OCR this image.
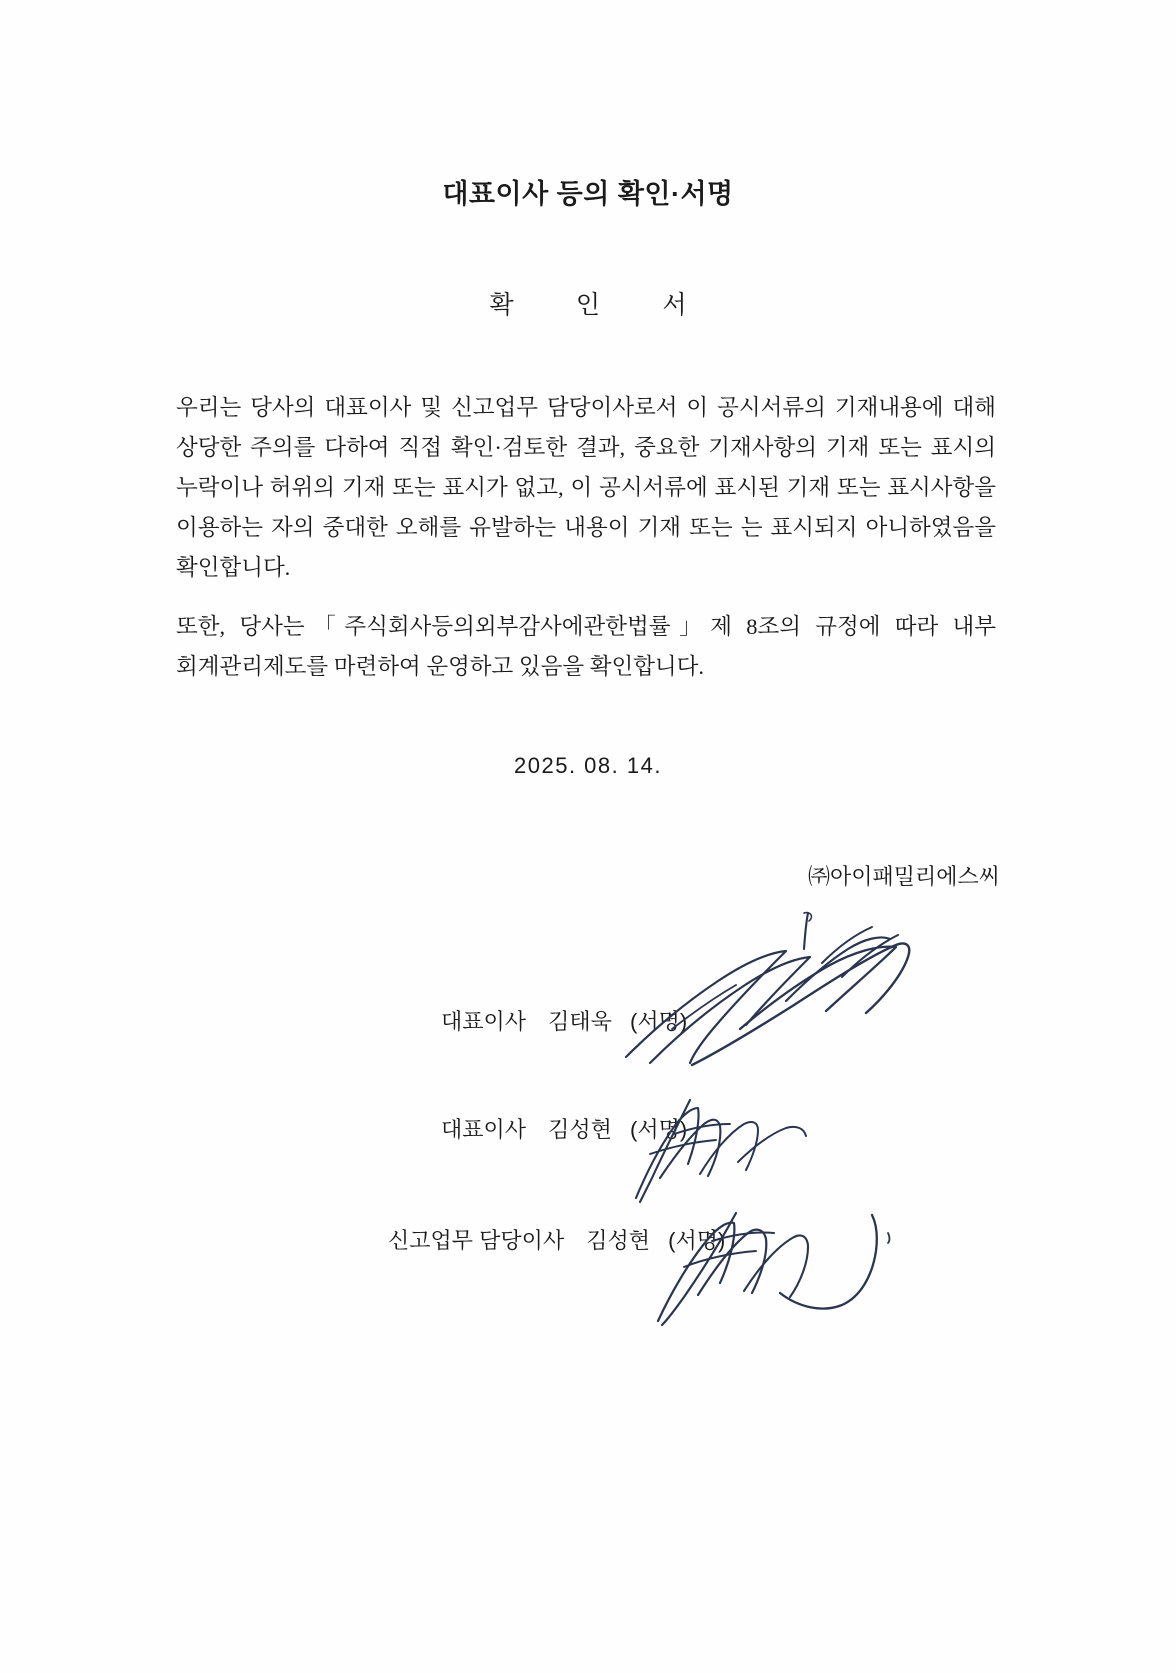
대표이사 등의 확인·서명
확 인 서
우리는 당사의 대표이사 및 신고업무 담당이사로서 이 공시서류의 기재내용에 대해 상당한 주의를 다하여 직접 확인·검토한 결과, 중요한 기재사항의 기재 또는 표시의 누락이나 허위의 기재 또는 표시가 없고, 이 공시서류에 표시된 기재 또는 표시사항을 이용하는 자의 중대한 오해를 유발하는 내용이 기재 또는 는 표시되지 아니하였음을 확인합니다.
또한, 당사는「주식회사등의외부감사에관한법률」제 8조의 규정에 따라 내부 회계관리제도를 마련하여 운영하고 있음을 확인합니다.
2025. 08. 14.
㈜아이패밀리에스씨
대표이사 김태욱 (서명)
대표이사 김성현 (서명)
신고업무 담당이사 김성현 (서명)
